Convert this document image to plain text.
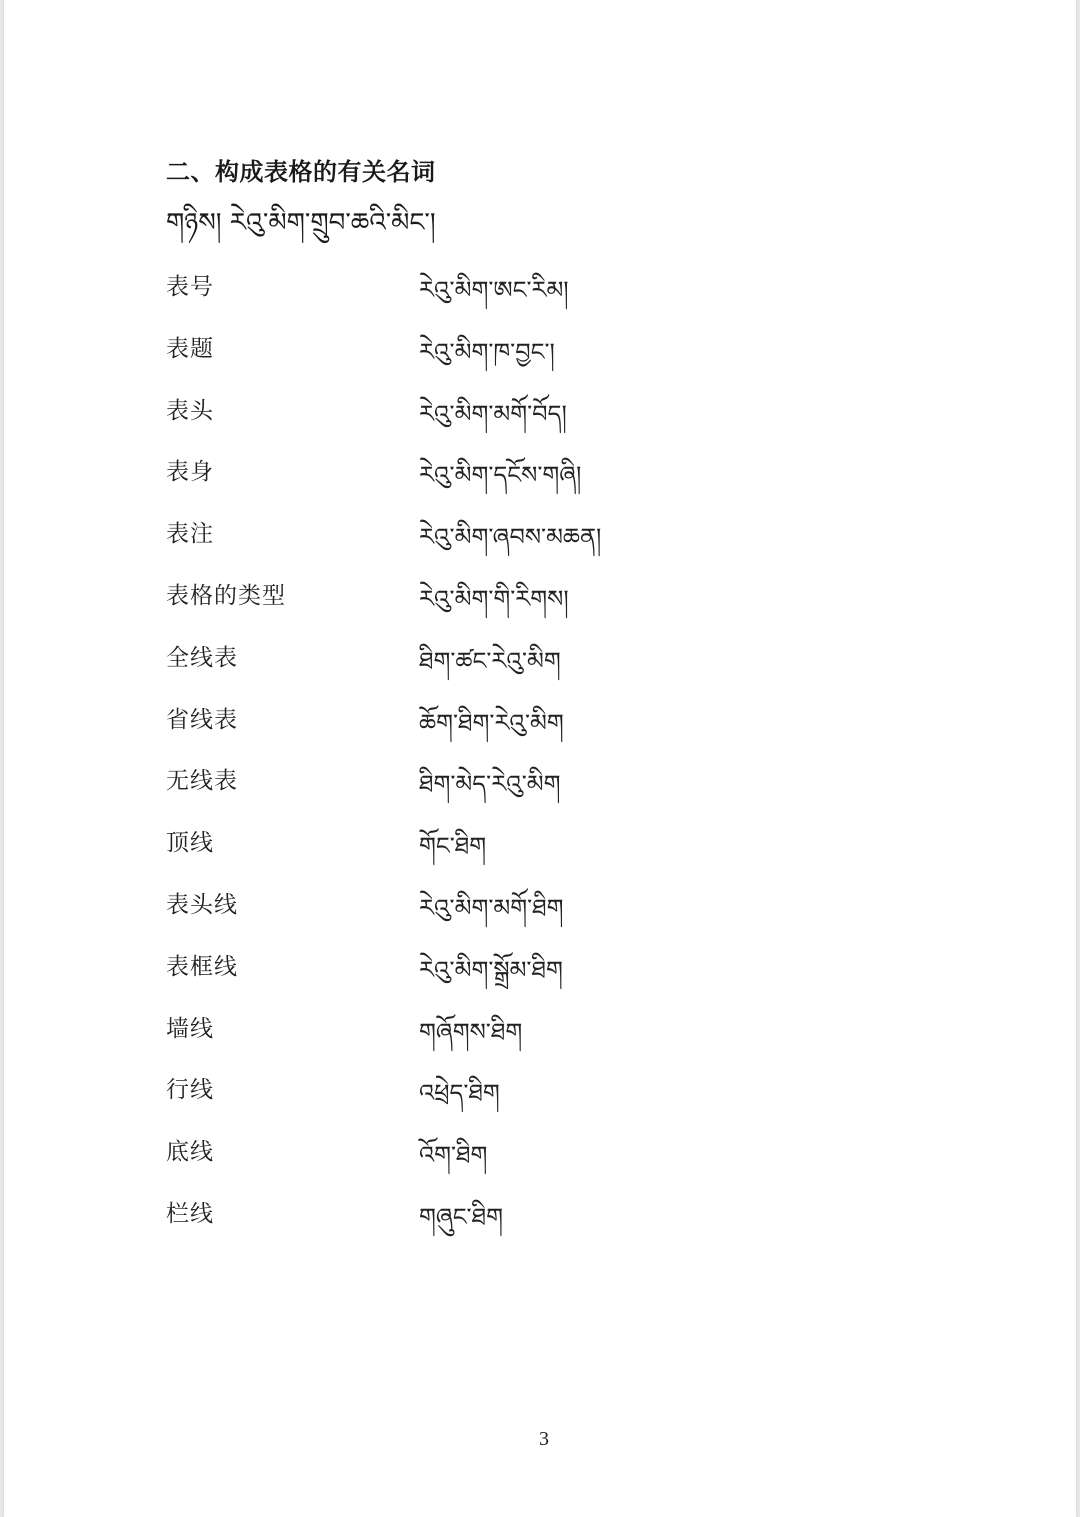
二、构成表格的有关名词
གཉིས། རེའུ་མིག་གྲུབ་ཆའི་མིང་།
表号	རེའུ་མིག་ཨང་རིམ།
表题	རེའུ་མིག་ཁ་བྱང་།
表头	རེའུ་མིག་མགོ་བོད།
表身	རེའུ་མིག་དངོས་གཞི།
表注	རེའུ་མིག་ཞབས་མཆན།
表格的类型	རེའུ་མིག་གི་རིགས།
全线表	ཐིག་ཚང་རེའུ་མིག
省线表	ཆོག་ཐིག་རེའུ་མིག
无线表	ཐིག་མེད་རེའུ་མིག
顶线	གོང་ཐིག
表头线	རེའུ་མིག་མགོ་ཐིག
表框线	རེའུ་མིག་སྒྲོམ་ཐིག
墙线	གཞོགས་ཐིག
行线	འཕྲེད་ཐིག
底线	འོག་ཐིག
栏线	གཞུང་ཐིག
3
